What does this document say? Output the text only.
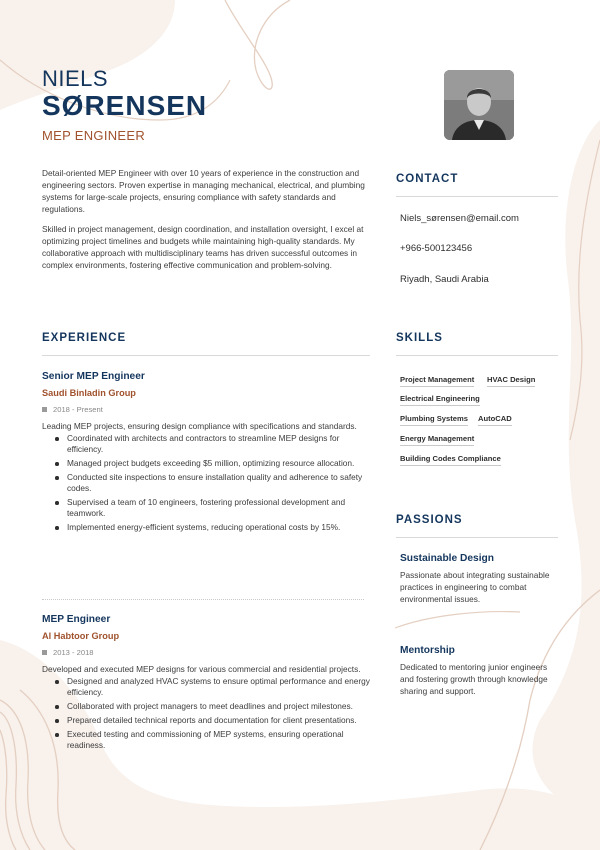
NIELS
SØRENSEN
MEP ENGINEER

Detail-oriented MEP Engineer with over 10 years of experience in the construction and engineering sectors. Proven expertise in managing mechanical, electrical, and plumbing systems for large-scale projects, ensuring compliance with safety standards and regulations.

Skilled in project management, design coordination, and installation oversight, I excel at optimizing project timelines and budgets while maintaining high-quality standards. My collaborative approach with multidisciplinary teams has driven successful outcomes in complex environments, fostering effective communication and problem-solving.

CONTACT
Niels_sørensen@email.com
+966-500123456
Riyadh, Saudi Arabia
EXPERIENCE
Senior MEP Engineer
Saudi Binladin Group
2018 - Present
Leading MEP projects, ensuring design compliance with specifications and standards.
Coordinated with architects and contractors to streamline MEP designs for efficiency.
Managed project budgets exceeding $5 million, optimizing resource allocation.
Conducted site inspections to ensure installation quality and adherence to safety codes.
Supervised a team of 10 engineers, fostering professional development and teamwork.
Implemented energy-efficient systems, reducing operational costs by 15%.
MEP Engineer
Al Habtoor Group
2013 - 2018
Developed and executed MEP designs for various commercial and residential projects.
Designed and analyzed HVAC systems to ensure optimal performance and energy efficiency.
Collaborated with project managers to meet deadlines and project milestones.
Prepared detailed technical reports and documentation for client presentations.
Executed testing and commissioning of MEP systems, ensuring operational readiness.
SKILLS
Project Management HVAC Design
Electrical Engineering
Plumbing Systems AutoCAD
Energy Management
Building Codes Compliance
PASSIONS
Sustainable Design
Passionate about integrating sustainable practices in engineering to combat environmental issues.
Mentorship
Dedicated to mentoring junior engineers and fostering growth through knowledge sharing and support.
